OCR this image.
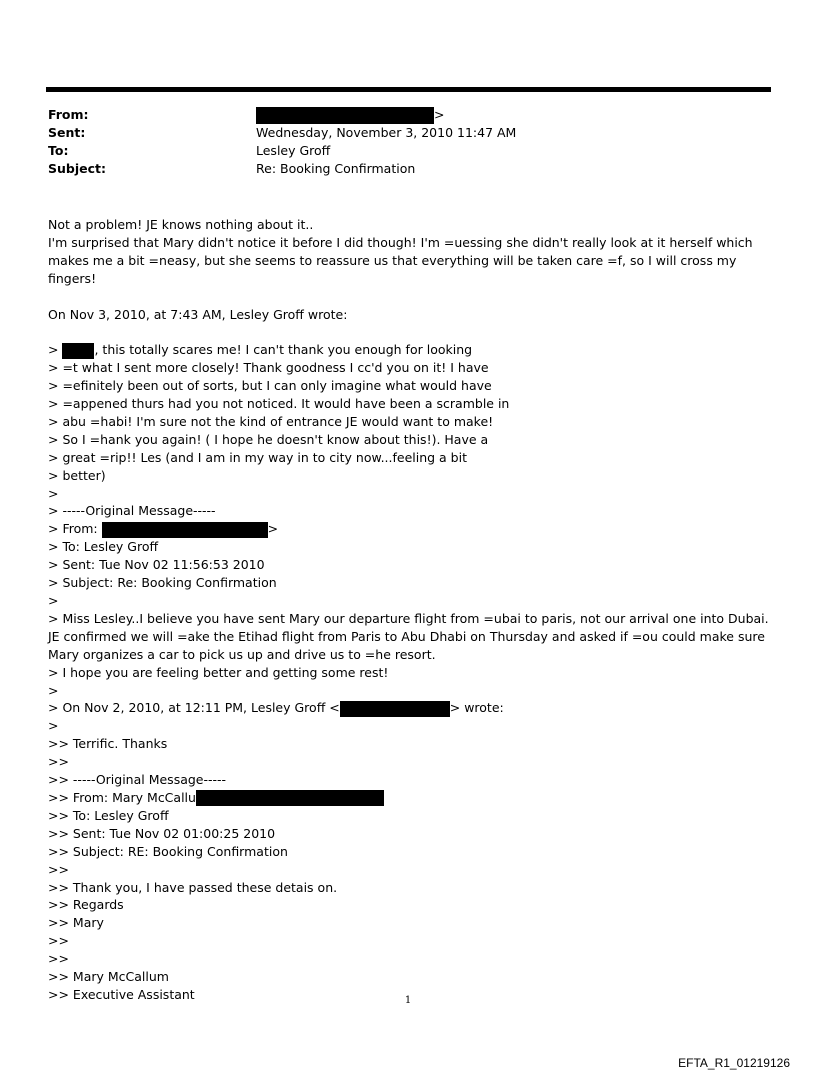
From:	>
Sent:	Wednesday, November 3, 2010 11:47 AM
To:	Lesley Groff
Subject:	Re: Booking Confirmation
Not a problem! JE knows nothing about it..
I'm surprised that Mary didn't notice it before I did though! I'm =uessing she didn't really look at it herself which makes me a bit =neasy, but she seems to reassure us that everything will be taken care =f, so I will cross my fingers!
On Nov 3, 2010, at 7:43 AM, Lesley Groff wrote:
>	, this totally scares me! I can't thank you enough for looking
> =t what I sent more closely! Thank goodness I cc'd you on it! I have
> =efinitely been out of sorts, but I can only imagine what would have
> =appened thurs had you not noticed. It would have been a scramble in
> abu =habi! I'm sure not the kind of entrance JE would want to make!
> So I =hank you again! ( I hope he doesn't know about this!). Have a
> great =rip!! Les (and I am in my way in to city now...feeling a bit
> better)
>
> -----Original Message-----
> From:	>
> To: Lesley Groff
> Sent: Tue Nov 02 11:56:53 2010
> Subject: Re: Booking Confirmation
>
> Miss Lesley..I believe you have sent Mary our departure flight from =ubai to paris, not our arrival one into Dubai. JE confirmed we will =ake the Etihad flight from Paris to Abu Dhabi on Thursday and asked if =ou could make sure Mary organizes a car to pick us up and drive us to =he resort.
> I hope you are feeling better and getting some rest!
>
> On Nov 2, 2010, at 12:11 PM, Lesley Groff <	> wrote:
>
>> Terrific. Thanks
>>
>> -----Original Message-----
>> From: Mary McCallu
>> To: Lesley Groff
>> Sent: Tue Nov 02 01:00:25 2010
>> Subject: RE: Booking Confirmation
>>
>> Thank you, I have passed these detais on.
>> Regards
>> Mary
>>
>>
>> Mary McCallum
>> Executive Assistant	1
EFTA_R1_01219126
